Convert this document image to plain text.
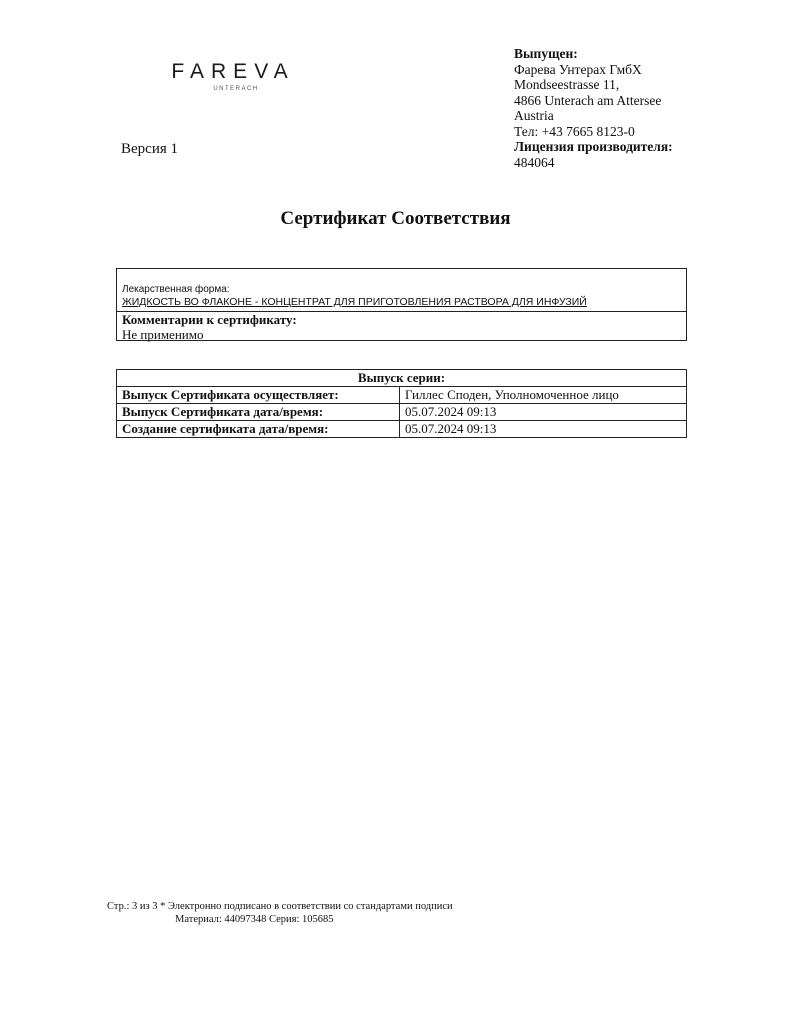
FAREVA
UNTERACH
Версия 1
Выпущен:
Фарева Унтерах ГмбХ
Mondseestrasse 11,
4866 Unterach am Attersee
Austria
Тел: +43 7665 8123-0
Лицензия производителя:
484064
Сертификат Соответствия
Лекарственная форма:
ЖИДКОСТЬ ВО ФЛАКОНЕ - КОНЦЕНТРАТ ДЛЯ ПРИГОТОВЛЕНИЯ РАСТВОРА ДЛЯ ИНФУЗИЙ
Комментарии к сертификату:
Не применимо
Выпуск серии:	
Выпуск Сертификата осуществляет:	Гиллес Споден, Уполномоченное лицо
Выпуск Сертификата дата/время:	05.07.2024 09:13
Создание сертификата дата/время:	05.07.2024 09:13
Стр.: 3 из 3 * Электронно подписано в соответствии со стандартами подписи
Материал: 44097348 Серия: 105685
